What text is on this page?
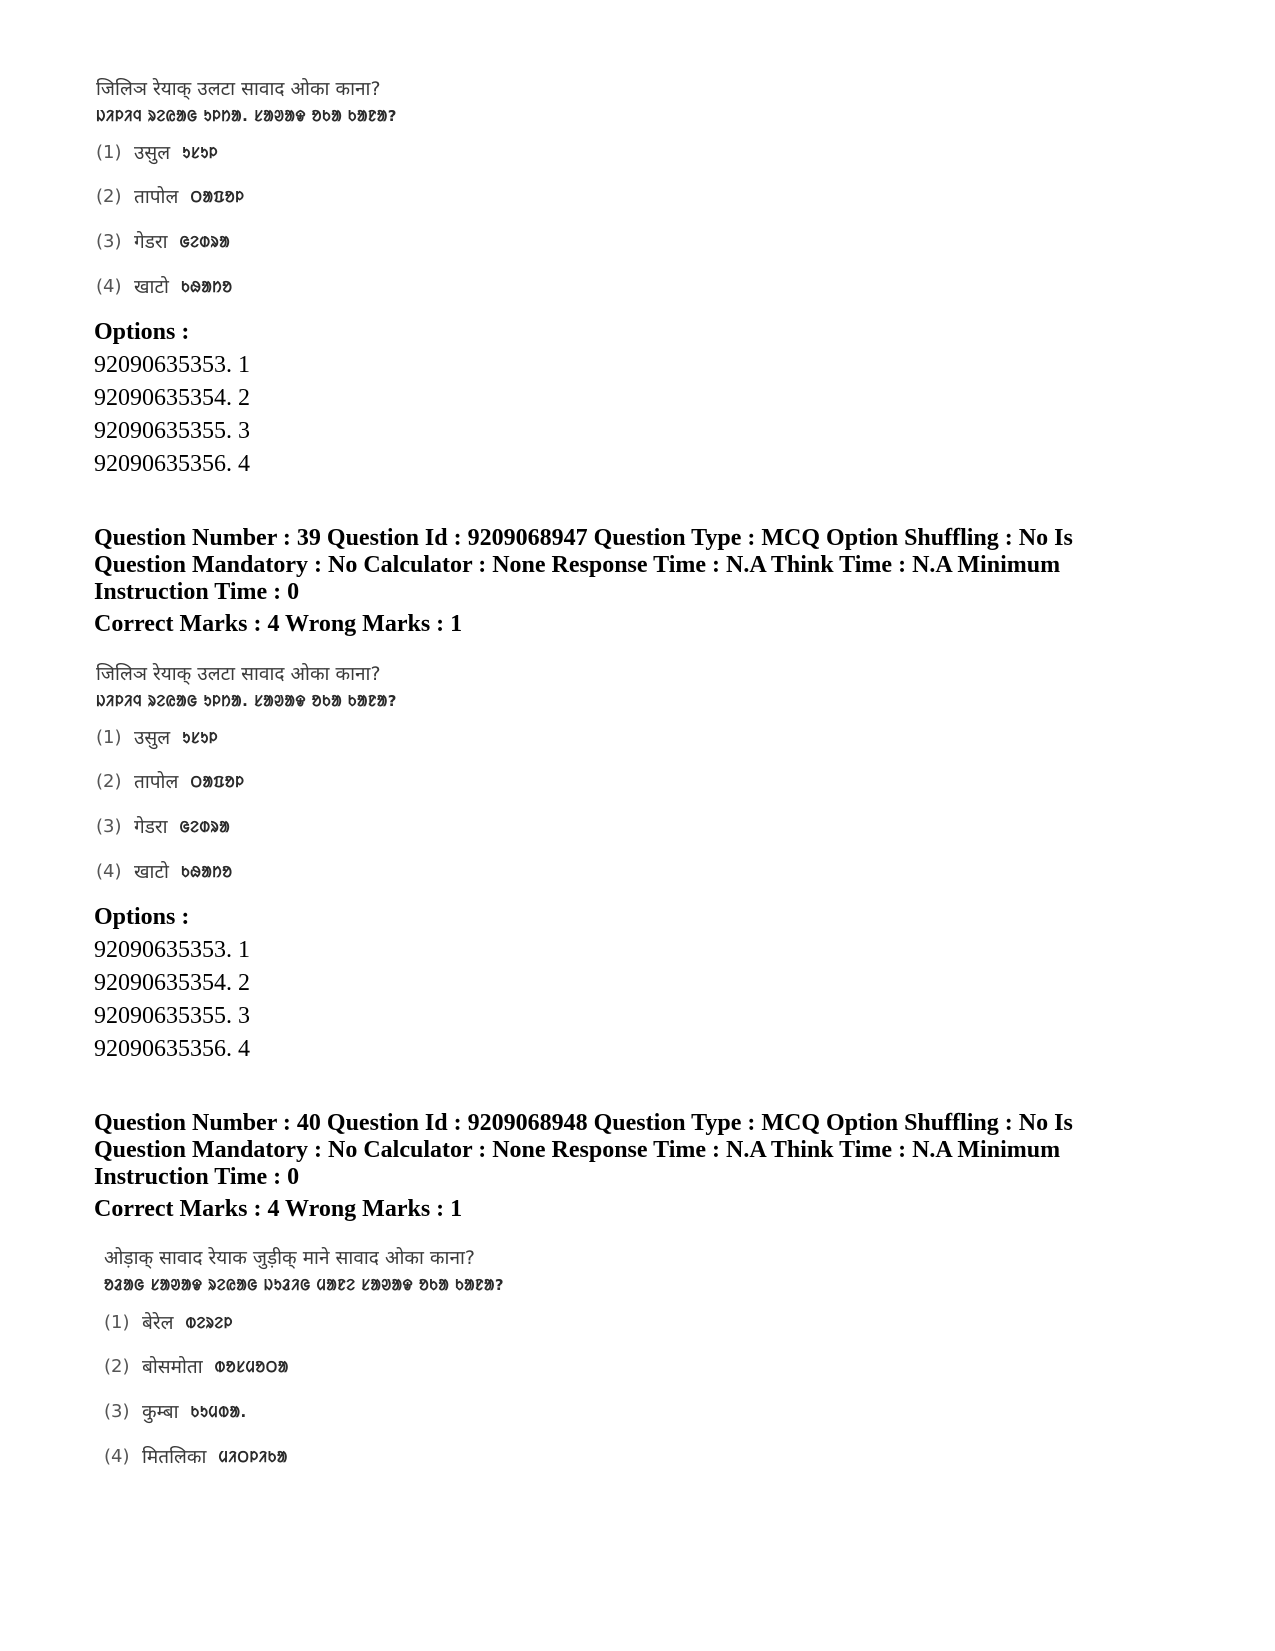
जिलिञ रेयाक् उलटा सावाद ओका काना?
ᱡᱤᱞᱤᱧ ᱨᱮᱭᱟᱜ ᱩᱞᱴᱟ. ᱥᱟᱣᱟᱫ ᱚᱠᱟ ᱠᱟᱱᱟ?
(1) उसुल ᱩᱥᱩᱞ
(2) तापोल ᱛᱟᱯᱚᱞ
(3) गेडरा ᱜᱮᱰᱨᱟ
(4) खाटो ᱠᱷᱟᱴᱚ
Options :
92090635353. 1
92090635354. 2
92090635355. 3
92090635356. 4
Question Number : 39 Question Id : 9209068947 Question Type : MCQ Option Shuffling : No Is Question Mandatory : No Calculator : None Response Time : N.A Think Time : N.A Minimum Instruction Time : 0
Correct Marks : 4 Wrong Marks : 1
जिलिञ रेयाक् उलटा सावाद ओका काना?
ᱡᱤᱞᱤᱧ ᱨᱮᱭᱟᱜ ᱩᱞᱴᱟ. ᱥᱟᱣᱟᱫ ᱚᱠᱟ ᱠᱟᱱᱟ?
(1) उसुल ᱩᱥᱩᱞ
(2) तापोल ᱛᱟᱯᱚᱞ
(3) गेडरा ᱜᱮᱰᱨᱟ
(4) खाटो ᱠᱷᱟᱴᱚ
Options :
92090635353. 1
92090635354. 2
92090635355. 3
92090635356. 4
Question Number : 40 Question Id : 9209068948 Question Type : MCQ Option Shuffling : No Is Question Mandatory : No Calculator : None Response Time : N.A Think Time : N.A Minimum Instruction Time : 0
Correct Marks : 4 Wrong Marks : 1
ओड़ाक् सावाद रेयाक जुड़ीक् माने सावाद ओका काना?
ᱚᱲᱟᱜ ᱥᱟᱣᱟᱫ ᱨᱮᱭᱟᱜ ᱡᱩᱲᱤᱜ ᱢᱟᱱᱮ ᱥᱟᱣᱟᱫ ᱚᱠᱟ ᱠᱟᱱᱟ?
(1) बेरेल ᱵᱮᱨᱮᱞ
(2) बोसमोता ᱵᱚᱥᱢᱚᱛᱟ
(3) कुम्बा ᱠᱩᱢᱵᱟ.
(4) मितलिका ᱢᱤᱛᱞᱤᱠᱟ
